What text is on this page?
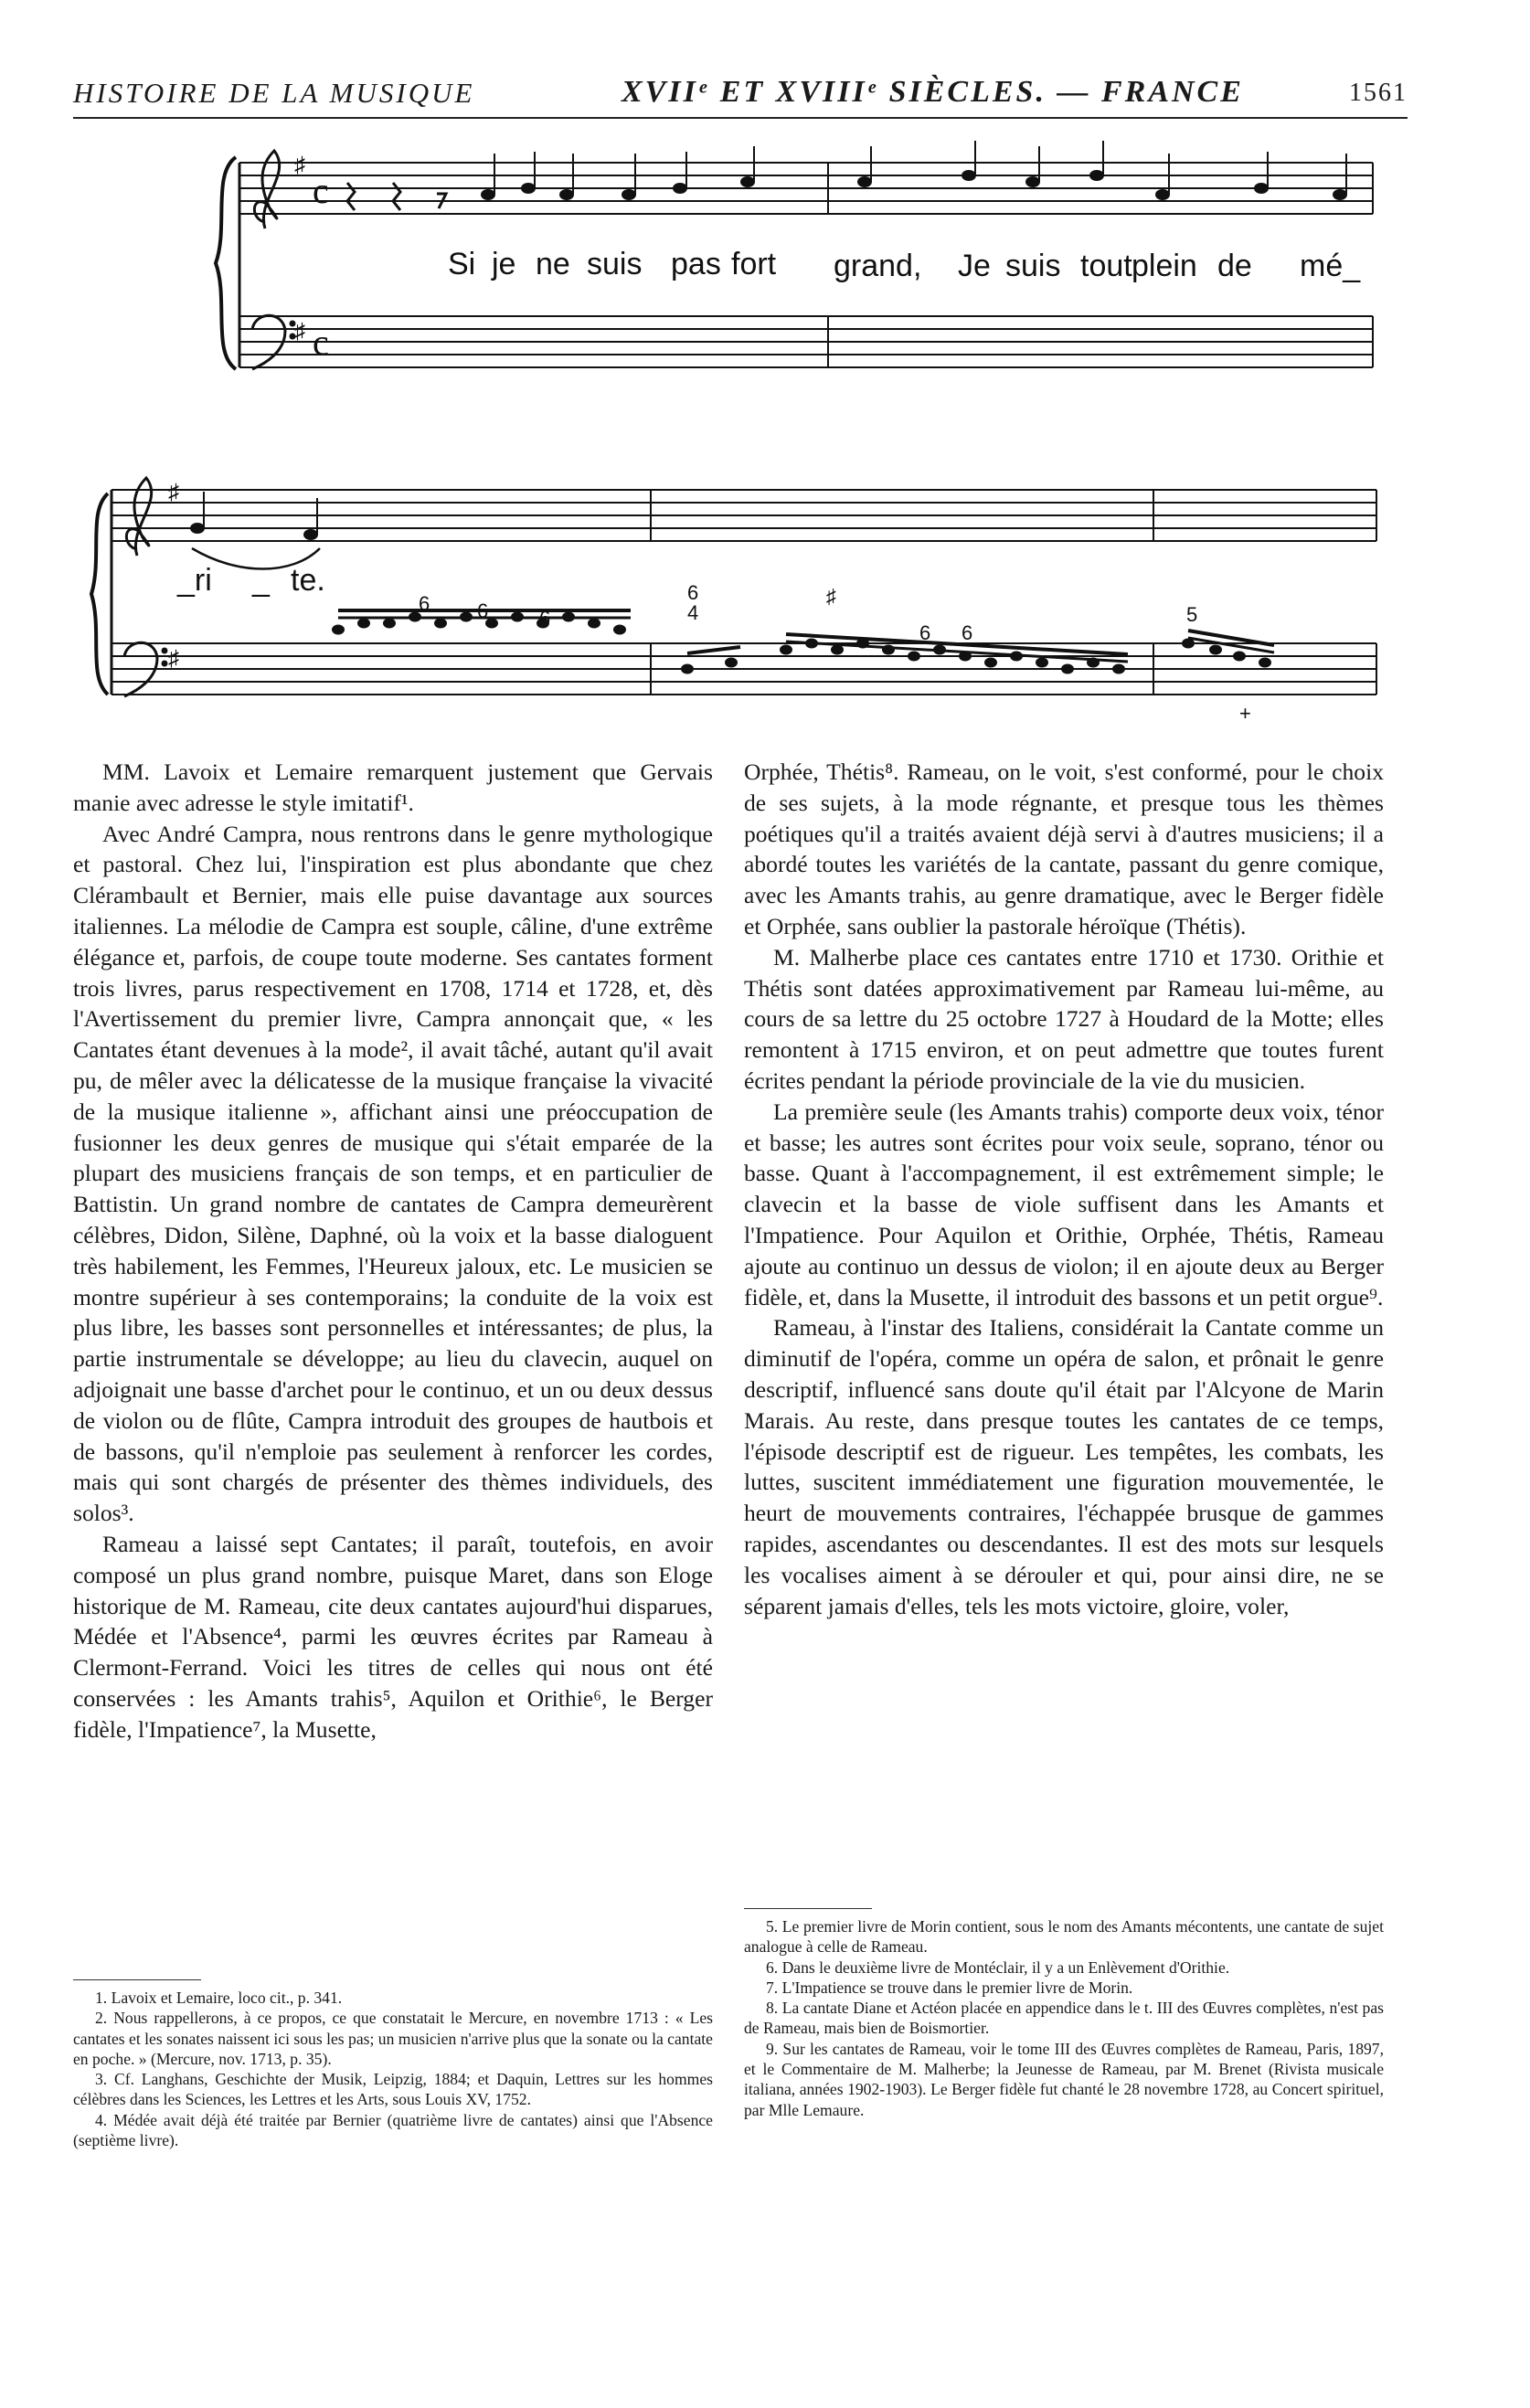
HISTOIRE DE LA MUSIQUE	XVIIᵉ ET XVIIIᵉ SIÈCLES. — FRANCE	1561
♯
♯
c
c
♯
♯
Si je ne suis pas fort grand, Je suis tout plein de mé_
_ri _ te.
6 6
6
6
4
♯
6
6	5
+

MM. Lavoix et Lemaire remarquent justement que Gervais manie avec adresse le style imitatif¹.

Avec André Campra, nous rentrons dans le genre mythologique et pastoral. Chez lui, l'inspiration est plus abondante que chez Clérambault et Bernier, mais elle puise davantage aux sources italiennes. La mélodie de Campra est souple, câline, d'une extrême élégance et, parfois, de coupe toute moderne. Ses cantates forment trois livres, parus respectivement en 1708, 1714 et 1728, et, dès l'Avertissement du premier livre, Campra annonçait que, « les Cantates étant devenues à la mode², il avait tâché, autant qu'il avait pu, de mêler avec la délicatesse de la musique française la vivacité de la musique italienne », affichant ainsi une préoccupation de fusionner les deux genres de musique qui s'était emparée de la plupart des musiciens français de son temps, et en particulier de Battistin. Un grand nombre de cantates de Campra demeurèrent célèbres, Didon, Silène, Daphné, où la voix et la basse dialoguent très habilement, les Femmes, l'Heureux jaloux, etc. Le musicien se montre supérieur à ses contemporains; la conduite de la voix est plus libre, les basses sont personnelles et intéressantes; de plus, la partie instrumentale se développe; au lieu du clavecin, auquel on adjoignait une basse d'archet pour le continuo, et un ou deux dessus de violon ou de flûte, Campra introduit des groupes de hautbois et de bassons, qu'il n'emploie pas seulement à renforcer les cordes, mais qui sont chargés de présenter des thèmes individuels, des solos³.

Rameau a laissé sept Cantates; il paraît, toutefois, en avoir composé un plus grand nombre, puisque Maret, dans son Eloge historique de M. Rameau, cite deux cantates aujourd'hui disparues, Médée et l'Absence⁴, parmi les œuvres écrites par Rameau à Clermont-Ferrand. Voici les titres de celles qui nous ont été conservées : les Amants trahis⁵, Aquilon et Orithie⁶, le Berger fidèle, l'Impatience⁷, la Musette,

Orphée, Thétis⁸. Rameau, on le voit, s'est conformé, pour le choix de ses sujets, à la mode régnante, et presque tous les thèmes poétiques qu'il a traités avaient déjà servi à d'autres musiciens; il a abordé toutes les variétés de la cantate, passant du genre comique, avec les Amants trahis, au genre dramatique, avec le Berger fidèle et Orphée, sans oublier la pastorale héroïque (Thétis).

M. Malherbe place ces cantates entre 1710 et 1730. Orithie et Thétis sont datées approximativement par Rameau lui-même, au cours de sa lettre du 25 octobre 1727 à Houdard de la Motte; elles remontent à 1715 environ, et on peut admettre que toutes furent écrites pendant la période provinciale de la vie du musicien.

La première seule (les Amants trahis) comporte deux voix, ténor et basse; les autres sont écrites pour voix seule, soprano, ténor ou basse. Quant à l'accompagnement, il est extrêmement simple; le clavecin et la basse de viole suffisent dans les Amants et l'Impatience. Pour Aquilon et Orithie, Orphée, Thétis, Rameau ajoute au continuo un dessus de violon; il en ajoute deux au Berger fidèle, et, dans la Musette, il introduit des bassons et un petit orgue⁹.

Rameau, à l'instar des Italiens, considérait la Cantate comme un diminutif de l'opéra, comme un opéra de salon, et prônait le genre descriptif, influencé sans doute qu'il était par l'Alcyone de Marin Marais. Au reste, dans presque toutes les cantates de ce temps, l'épisode descriptif est de rigueur. Les tempêtes, les combats, les luttes, suscitent immédiatement une figuration mouvementée, le heurt de mouvements contraires, l'échappée brusque de gammes rapides, ascendantes ou descendantes. Il est des mots sur lesquels les vocalises aiment à se dérouler et qui, pour ainsi dire, ne se séparent jamais d'elles, tels les mots victoire, gloire, voler,

1. Lavoix et Lemaire, loco cit., p. 341.

2. Nous rappellerons, à ce propos, ce que constatait le Mercure, en novembre 1713 : « Les cantates et les sonates naissent ici sous les pas; un musicien n'arrive plus que la sonate ou la cantate en poche. » (Mercure, nov. 1713, p. 35).

3. Cf. Langhans, Geschichte der Musik, Leipzig, 1884; et Daquin, Lettres sur les hommes célèbres dans les Sciences, les Lettres et les Arts, sous Louis XV, 1752.

4. Médée avait déjà été traitée par Bernier (quatrième livre de cantates) ainsi que l'Absence (septième livre).

5. Le premier livre de Morin contient, sous le nom des Amants mécontents, une cantate de sujet analogue à celle de Rameau.

6. Dans le deuxième livre de Montéclair, il y a un Enlèvement d'Orithie.

7. L'Impatience se trouve dans le premier livre de Morin.

8. La cantate Diane et Actéon placée en appendice dans le t. III des Œuvres complètes, n'est pas de Rameau, mais bien de Boismortier.

9. Sur les cantates de Rameau, voir le tome III des Œuvres complètes de Rameau, Paris, 1897, et le Commentaire de M. Malherbe; la Jeunesse de Rameau, par M. Brenet (Rivista musicale italiana, années 1902-1903). Le Berger fidèle fut chanté le 28 novembre 1728, au Concert spirituel, par Mlle Lemaure.
